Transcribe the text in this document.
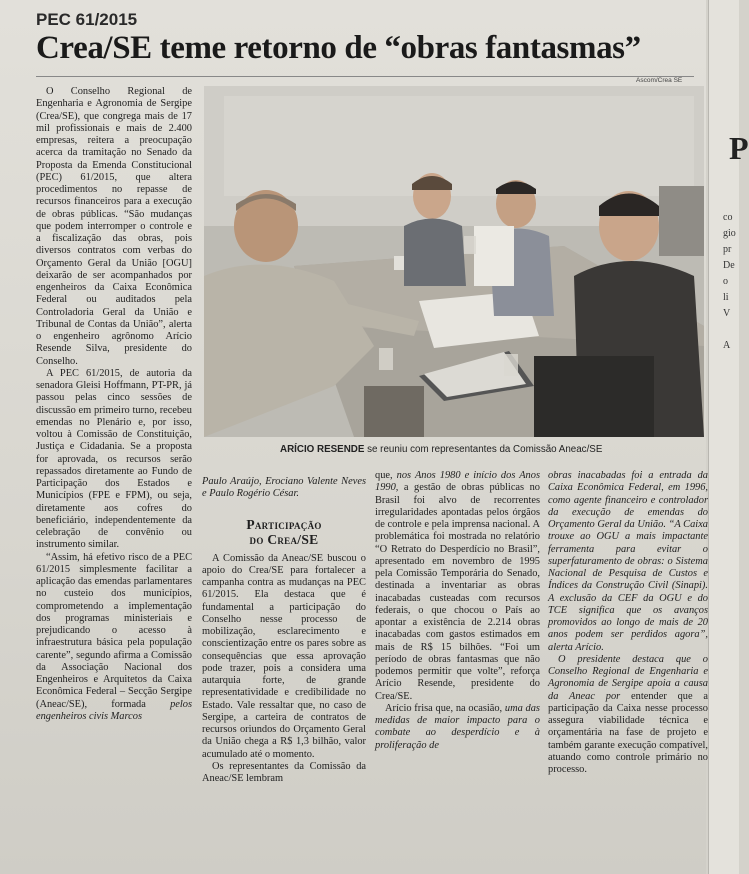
PEC 61/2015
Crea/SE teme retorno de “obras fantasmas”
Ascom/Crea SE

O Conselho Regional de Engenharia e Agronomia de Sergipe (Crea/SE), que congrega mais de 17 mil profissionais e mais de 2.400 empresas, reitera a preocupação acerca da tramitação no Senado da Proposta da Emenda Constitucional (PEC) 61/2015, que altera procedimentos no repasse de recursos financeiros para a execução de obras públicas. “São mudanças que podem interromper o controle e a fiscalização das obras, pois diversos contratos com verbas do Orçamento Geral da União [OGU] deixarão de ser acompanhados por engenheiros da Caixa Econômica Federal ou auditados pela Controladoria Geral da União e Tribunal de Contas da União”, alerta o engenheiro agrônomo Arício Resende Silva, presidente do Conselho.

A PEC 61/2015, de autoria da senadora Gleisi Hoffmann, PT-PR, já passou pelas cinco sessões de discussão em primeiro turno, recebeu emendas no Plenário e, por isso, voltou à Comissão de Constituição, Justiça e Cidadania. Se a proposta for aprovada, os recursos serão repassados diretamente ao Fundo de Participação dos Estados e Municípios (FPE e FPM), ou seja, diretamente aos cofres do beneficiário, independentemente da celebração de convênio ou instrumento similar.

“Assim, há efetivo risco de a PEC 61/2015 simplesmente facilitar a aplicação das emendas parlamentares no custeio dos municípios, comprometendo a implementação dos programas ministeriais e prejudicando o acesso à infraestrutura básica pela população carente”, segundo afirma a Comissão da Associação Nacional dos Engenheiros e Arquitetos da Caixa Econômica Federal – Secção Sergipe (Aneac/SE), formada pelos engenheiros civis Marcos

ARÍCIO RESENDE se reuniu com representantes da Comissão Aneac/SE

Paulo Araújo, Erociano Valente Neves e Paulo Rogério César.

Participação
do Crea/SE

A Comissão da Aneac/SE buscou o apoio do Crea/SE para fortalecer a campanha contra as mudanças na PEC 61/2015. Ela destaca que é fundamental a participação do Conselho nesse processo de mobilização, esclarecimento e conscientização entre os pares sobre as consequências que essa aprovação pode trazer, pois a considera uma autarquia forte, de grande representatividade e credibilidade no Estado. Vale ressaltar que, no caso de Sergipe, a carteira de contratos de recursos oriundos do Orçamento Geral da União chega a R$ 1,3 bilhão, valor acumulado até o momento.

Os representantes da Comissão da Aneac/SE lembram

que, nos Anos 1980 e início dos Anos 1990, a gestão de obras públicas no Brasil foi alvo de recorrentes irregularidades apontadas pelos órgãos de controle e pela imprensa nacional. A problemática foi mostrada no relatório “O Retrato do Desperdício no Brasil”, apresentado em novembro de 1995 pela Comissão Temporária do Senado, destinada a inventariar as obras inacabadas custeadas com recursos federais, o que chocou o País ao apontar a existência de 2.214 obras inacabadas com gastos estimados em mais de R$ 15 bilhões. “Foi um período de obras fantasmas que não podemos permitir que volte”, reforça Arício Resende, presidente do Crea/SE.

Arício frisa que, na ocasião, uma das medidas de maior impacto para o combate ao desperdício e à proliferação de

obras inacabadas foi a entrada da Caixa Econômica Federal, em 1996, como agente financeiro e controlador da execução de emendas do Orçamento Geral da União. “A Caixa trouxe ao OGU a mais impactante ferramenta para evitar o superfaturamento de obras: o Sistema Nacional de Pesquisa de Custos e Índices da Construção Civil (Sinapi). A exclusão da CEF da OGU e do TCE significa que os avanços promovidos ao longo de mais de 20 anos podem ser perdidos agora”, alerta Arício.

O presidente destaca que o Conselho Regional de Engenharia e Agronomia de Sergipe apoia a causa da Aneac por entender que a participação da Caixa nesse processo assegura viabilidade técnica e orçamentária na fase de projeto e também garante execução compatível, atuando como controle primário no processo.

P
co
gio
pr
De
o
li
V
A
